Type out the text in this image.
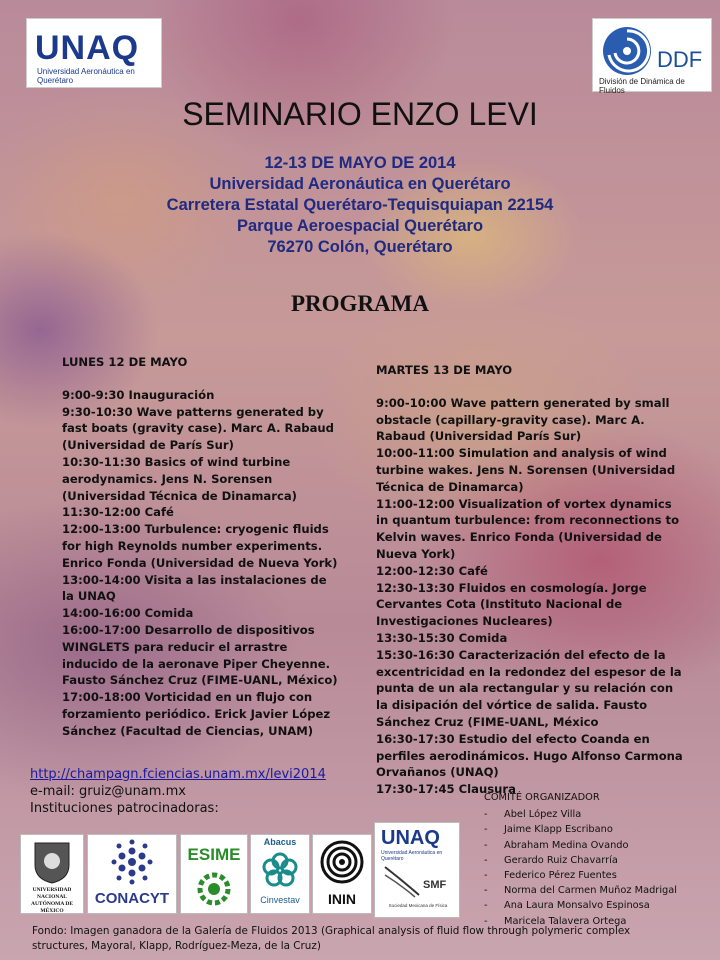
UNAQ
Universidad Aeronáutica en Querétaro
DDF
División de Dinámica de Fluidos
SEMINARIO ENZO LEVI
12-13 DE MAYO DE 2014
Universidad Aeronáutica en Querétaro
Carretera Estatal Querétaro-Tequisquiapan 22154
Parque Aeroespacial Querétaro
76270 Colón, Querétaro
PROGRAMA
LUNES 12 DE MAYO

9:00-9:30 Inauguración

9:30-10:30 Wave patterns generated by fast boats (gravity case). Marc A. Rabaud (Universidad de París Sur)

10:30-11:30 Basics of wind turbine aerodynamics. Jens N. Sorensen (Universidad Técnica de Dinamarca)

11:30-12:00 Café

12:00-13:00 Turbulence: cryogenic fluids for high Reynolds number experiments. Enrico Fonda (Universidad de Nueva York)

13:00-14:00 Visita a las instalaciones de la UNAQ

14:00-16:00 Comida

16:00-17:00 Desarrollo de dispositivos WINGLETS para reducir el arrastre inducido de la aeronave Piper Cheyenne. Fausto Sánchez Cruz (FIME-UANL, México)

17:00-18:00 Vorticidad en un flujo con forzamiento periódico. Erick Javier López Sánchez (Facultad de Ciencias, UNAM)

MARTES 13 DE MAYO

9:00-10:00 Wave pattern generated by small obstacle (capillary-gravity case). Marc A. Rabaud (Universidad París Sur)

10:00-11:00 Simulation and analysis of wind turbine wakes. Jens N. Sorensen (Universidad Técnica de Dinamarca)

11:00-12:00 Visualization of vortex dynamics in quantum turbulence: from reconnections to Kelvin waves. Enrico Fonda (Universidad de Nueva York)

12:00-12:30 Café

12:30-13:30 Fluidos en cosmología. Jorge Cervantes Cota (Instituto Nacional de Investigaciones Nucleares)

13:30-15:30 Comida

15:30-16:30 Caracterización del efecto de la excentricidad en la redondez del espesor de la punta de un ala rectangular y su relación con la disipación del vórtice de salida. Fausto Sánchez Cruz (FIME-UANL, México

16:30-17:30 Estudio del efecto Coanda en perfiles aerodinámicos. Hugo Alfonso Carmona Orvañanos (UNAQ)

17:30-17:45 Clausura

http://champagn.fciencias.unam.mx/levi2014
e-mail: gruiz@unam.mx
Instituciones patrocinadoras:
COMITÉ ORGANIZADOR
- Abel López Villa
- Jaime Klapp Escribano
- Abraham Medina Ovando
- Gerardo Ruiz Chavarría
- Federico Pérez Fuentes
- Norma del Carmen Muñoz Madrigal
- Ana Laura Monsalvo Espinosa
- Maricela Talavera Ortega
UNIVERSIDAD NACIONAL AUTÓNOMA DE MÉXICO
CONACYT
ESIME
Abacus
Cinvestav	ININ
UNAQ
Universidad Aeronáutica en Querétaro
SMF
Sociedad Mexicana de Física
Fondo: Imagen ganadora de la Galería de Fluidos 2013 (Graphical analysis of fluid flow through polymeric complex structures, Mayoral, Klapp, Rodríguez-Meza, de la Cruz)
